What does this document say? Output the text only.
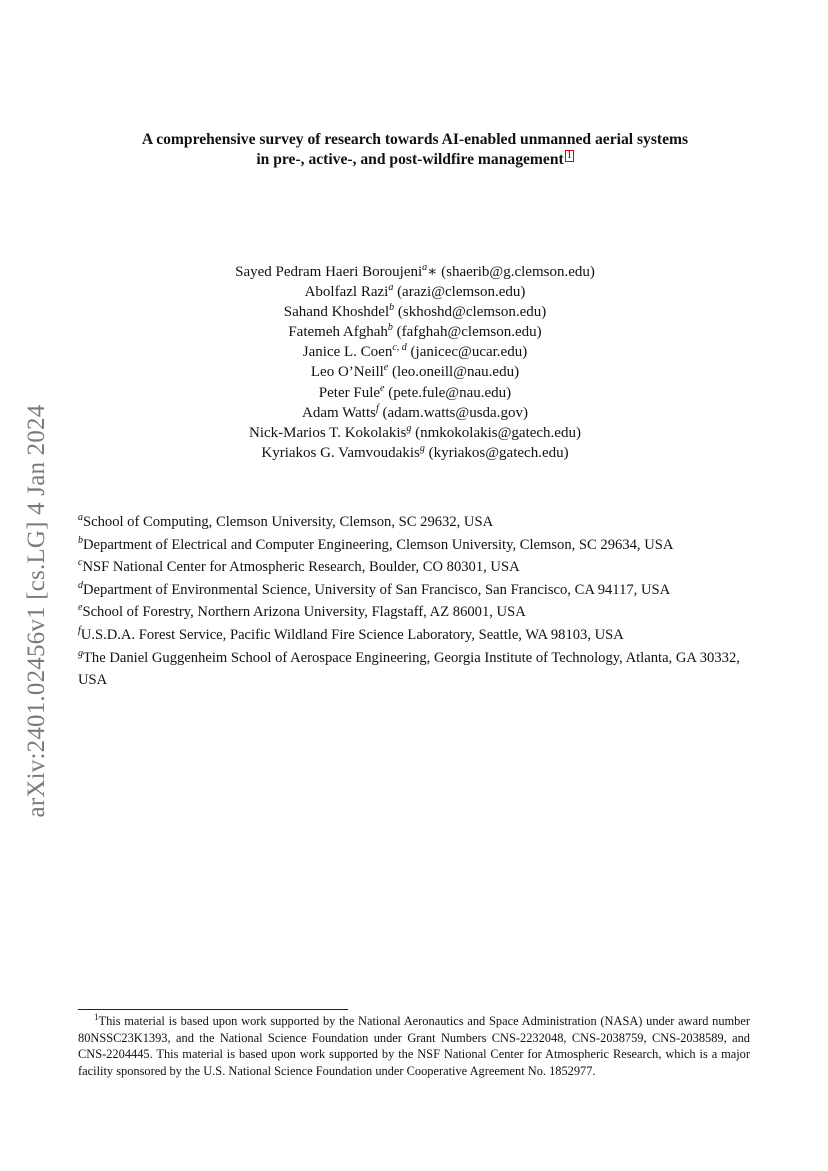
arXiv:2401.02456v1 [cs.LG] 4 Jan 2024
A comprehensive survey of research towards AI-enabled unmanned aerial systems
in pre-, active-, and post-wildfire management 1
Sayed Pedram Haeri Boroujeni$^a$∗ (shaerib@g.clemson.edu)
Abolfazl Razi$^a$ (arazi@clemson.edu)
Sahand Khoshdel$^b$ (skhoshd@clemson.edu)
Fatemeh Afghah$^b$ (fafghah@clemson.edu)
Janice L. Coen$^{c, d}$ (janicec@ucar.edu)
Leo O’Neill$^e$ (leo.oneill@nau.edu)
Peter Fule$^e$ (pete.fule@nau.edu)
Adam Watts$^f$ (adam.watts@usda.gov)
Nick-Marios T. Kokolakis$^g$ (nmkokolakis@gatech.edu)
Kyriakos G. Vamvoudakis$^g$ (kyriakos@gatech.edu)
$^a$School of Computing, Clemson University, Clemson, SC 29632, USA
$^b$Department of Electrical and Computer Engineering, Clemson University, Clemson, SC 29634, USA
$^c$NSF National Center for Atmospheric Research, Boulder, CO 80301, USA
$^d$Department of Environmental Science, University of San Francisco, San Francisco, CA 94117, USA
$^e$School of Forestry, Northern Arizona University, Flagstaff, AZ 86001, USA
$^f$U.S.D.A. Forest Service, Pacific Wildland Fire Science Laboratory, Seattle, WA 98103, USA
$^g$The Daniel Guggenheim School of Aerospace Engineering, Georgia Institute of Technology, Atlanta, GA 30332, USA
$^1$This material is based upon work supported by the National Aeronautics and Space Administration (NASA) under award number 80NSSC23K1393, and the National Science Foundation under Grant Numbers CNS-2232048, CNS-2038759, CNS-2038589, and CNS-2204445. This material is based upon work supported by the NSF National Center for Atmospheric Research, which is a major facility sponsored by the U.S. National Science Foundation under Cooperative Agreement No. 1852977.
